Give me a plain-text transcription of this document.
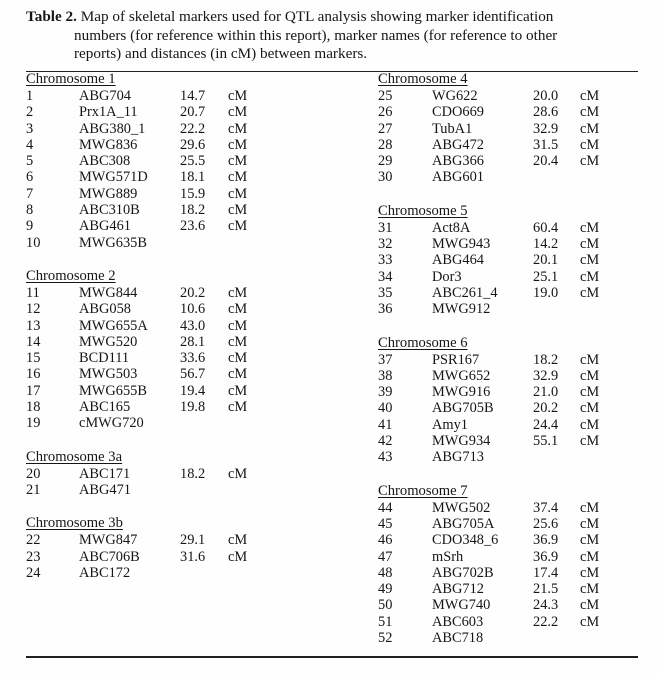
Table 2. Map of skeletal markers used for QTL analysis showing marker identification
numbers (for reference within this report), marker names (for reference to other
reports) and distances (in cM) between markers.
Chromosome 1
1	ABG704	14.7 cM
2	Prx1A_11	20.7 cM
3	ABG380_1 22.2 cM
4	MWG836	29.6 cM
5	ABC308	25.5 cM
6	MWG571D 18.1 cM
7	MWG889	15.9 cM
8	ABC310B	18.2 cM
9	ABG461	23.6 cM
10	MWG635B
Chromosome 2
11	MWG844	20.2 cM
12	ABG058	10.6 cM
13	MWG655A 43.0 cM
14	MWG520	28.1 cM
15	BCD111	33.6 cM
16	MWG503	56.7 cM
17	MWG655B 19.4 cM
18	ABC165	19.8 cM
19	cMWG720
Chromosome 3a
20	ABC171	18.2 cM
21	ABG471
Chromosome 3b
22	MWG847	29.1 cM
23	ABC706B	31.6 cM
24	ABC172
Chromosome 4
25	WG622	20.0 cM
26	CDO669	28.6 cM
27	TubA1	32.9 cM
28	ABG472	31.5 cM
29	ABG366	20.4 cM
30	ABG601
Chromosome 5
31	Act8A	60.4 cM
32	MWG943	14.2 cM
33	ABG464	20.1 cM
34	Dor3	25.1 cM
35	ABC261_4 19.0 cM
36	MWG912
Chromosome 6
37	PSR167	18.2 cM
38	MWG652	32.9 cM
39	MWG916	21.0 cM
40	ABG705B	20.2 cM
41	Amy1	24.4 cM
42	MWG934	55.1 cM
43	ABG713
Chromosome 7
44	MWG502	37.4 cM
45	ABG705A	25.6 cM
46	CDO348_6 36.9 cM
47	mSrh	36.9 cM
48	ABG702B	17.4 cM
49	ABG712	21.5 cM
50	MWG740	24.3 cM
51	ABC603	22.2 cM
52	ABC718
